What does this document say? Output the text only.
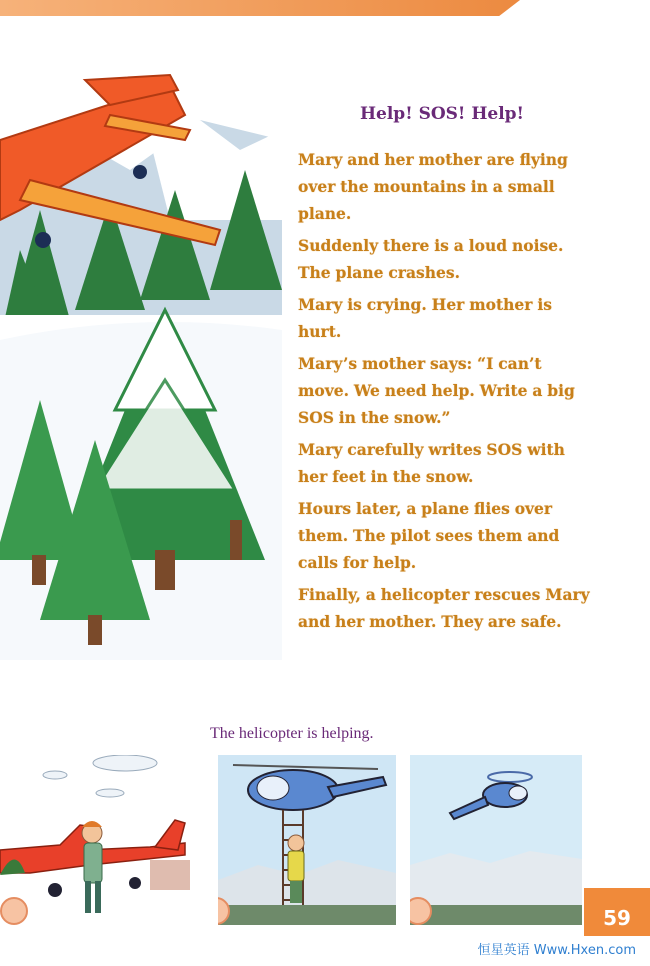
Help! SOS! Help!

Mary and her mother are flying over the mountains in a small plane.

Suddenly there is a loud noise. The plane crashes.

Mary is crying. Her mother is hurt.

Mary’s mother says: “I can’t move. We need help. Write a big SOS in the snow.”

Mary carefully writes SOS with her feet in the snow.

Hours later, a plane flies over them. The pilot sees them and calls for help.

Finally, a helicopter rescues Mary and her mother. They are safe.

The helicopter is helping.
59
恒星英语 Www.Hxen.com
